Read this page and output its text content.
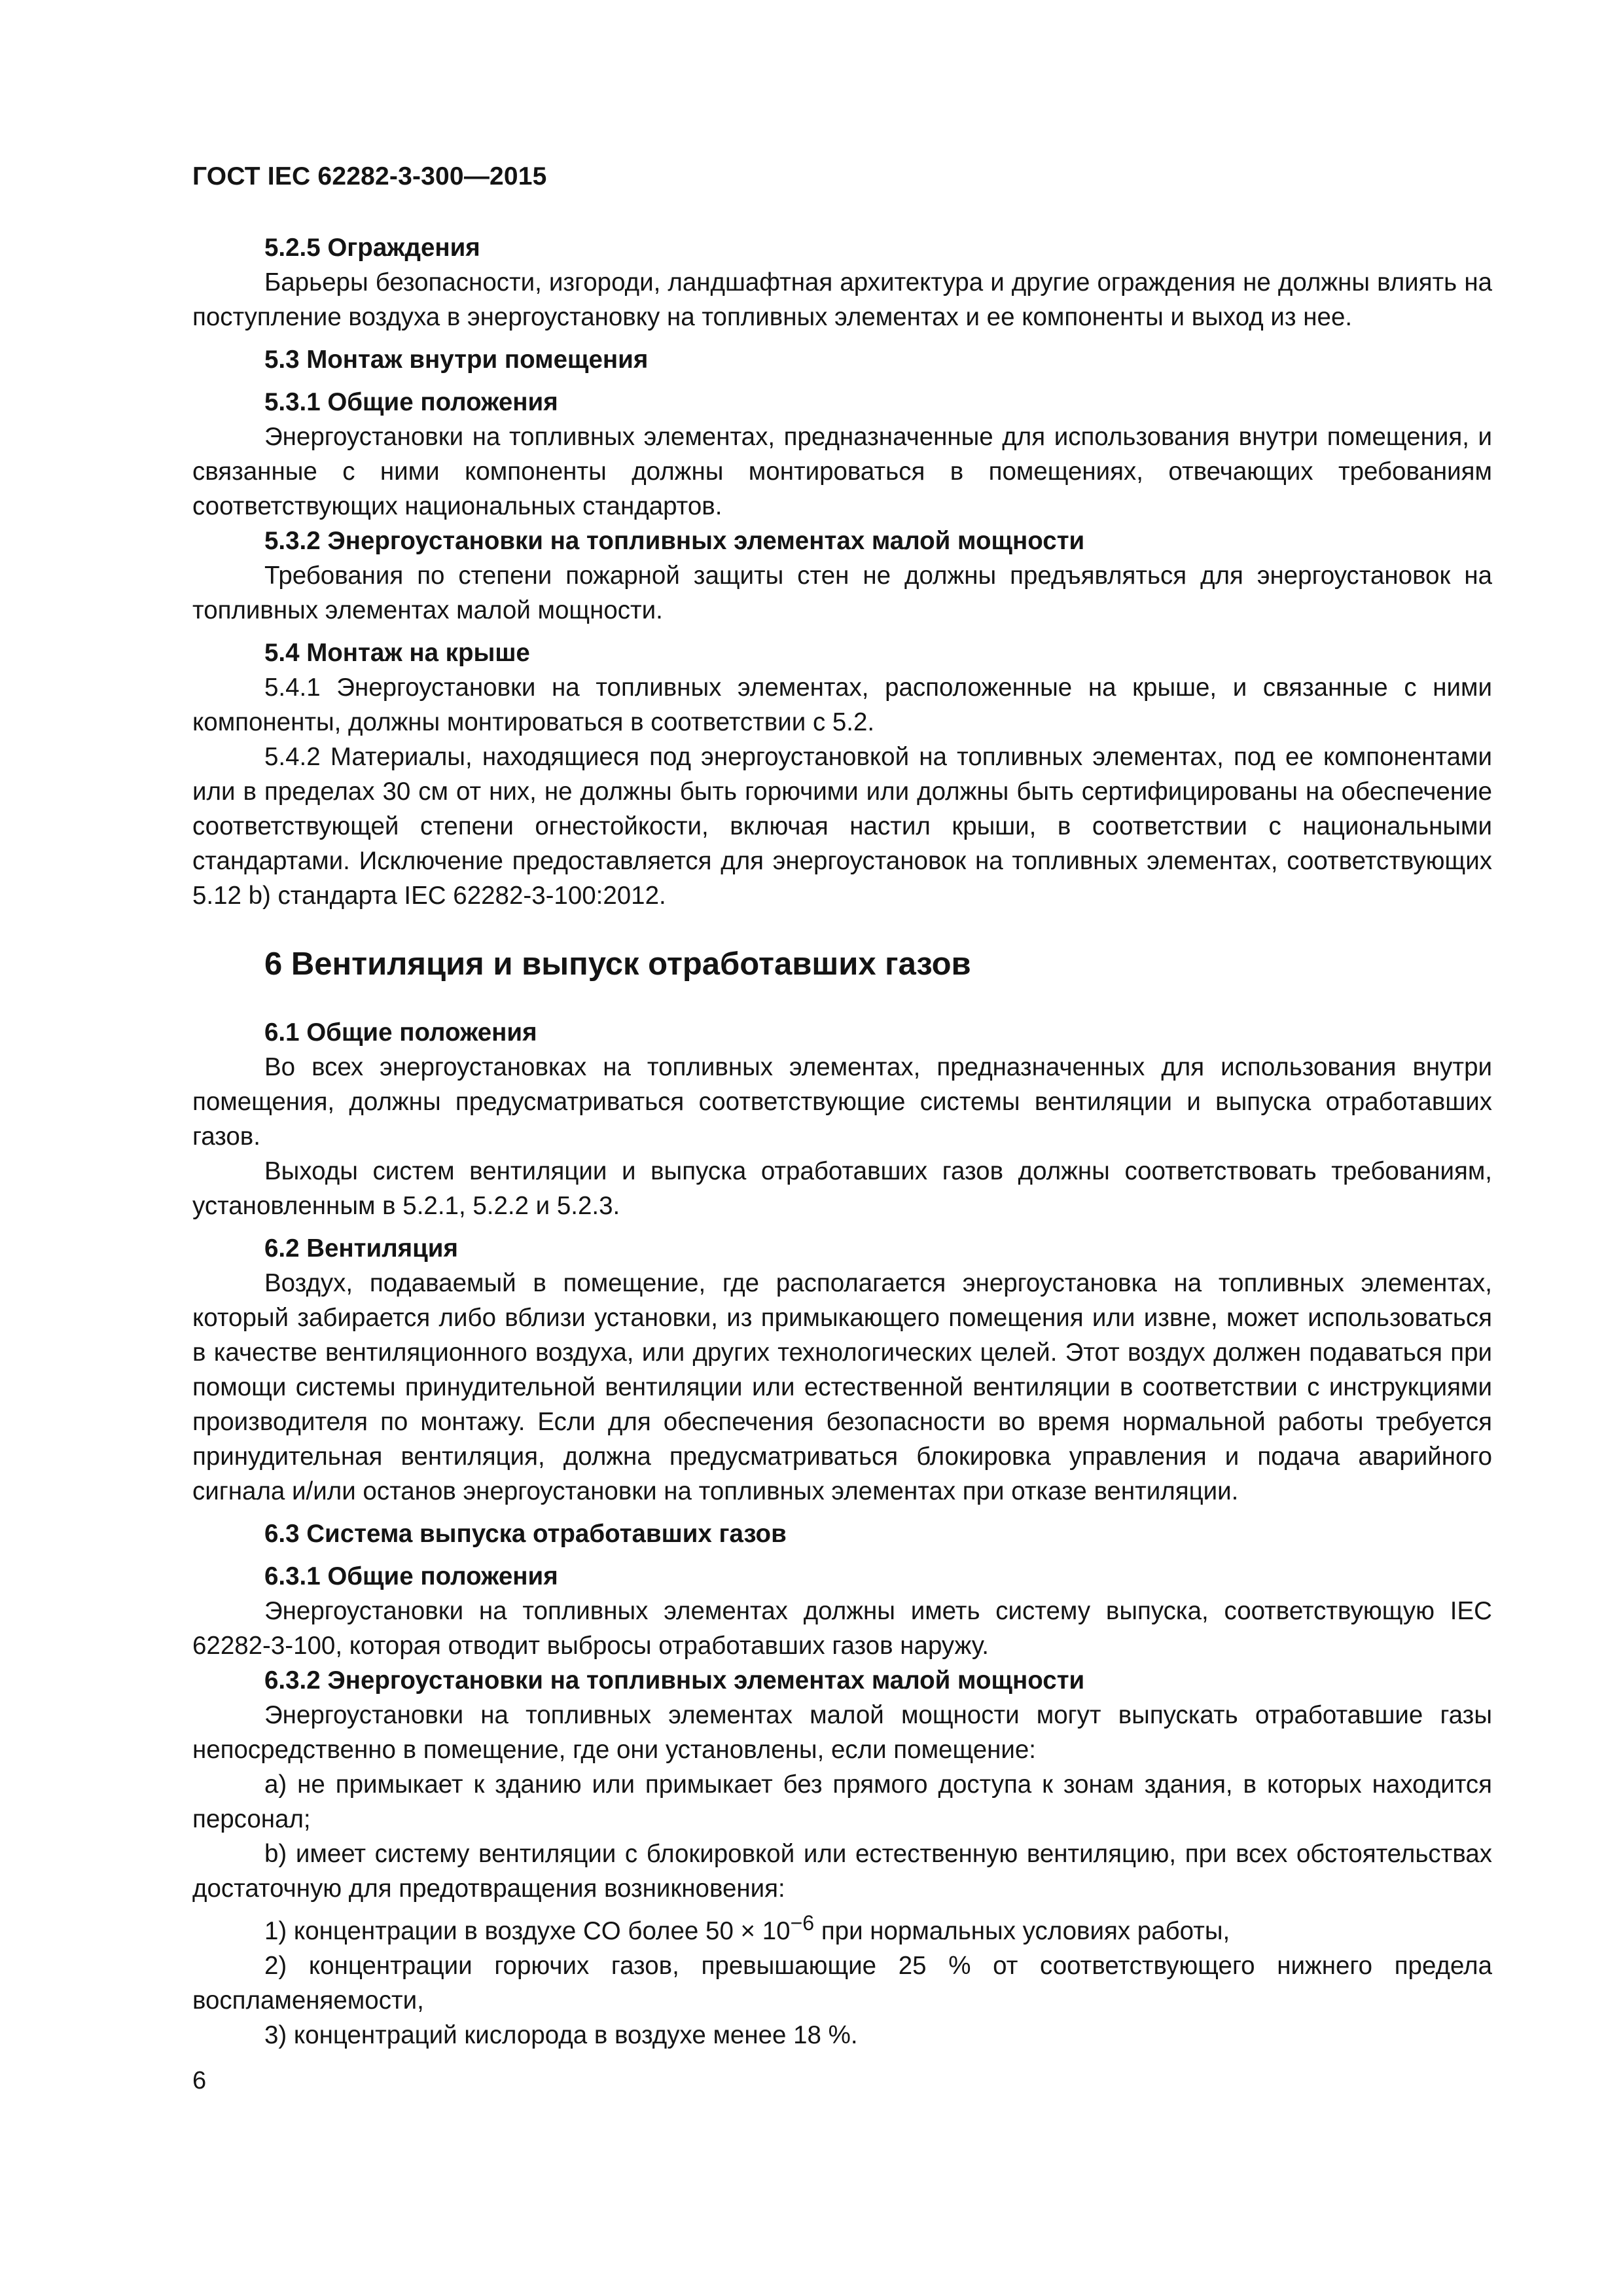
ГОСТ IEC 62282-3-300—2015
5.2.5 Ограждения

Барьеры безопасности, изгороди, ландшафтная архитектура и другие ограждения не должны влиять на поступление воздуха в энергоустановку на топливных элементах и ее компоненты и выход из нее.

5.3 Монтаж внутри помещения
5.3.1 Общие положения

Энергоустановки на топливных элементах, предназначенные для использования внутри помещения, и связанные с ними компоненты должны монтироваться в помещениях, отвечающих требованиям соответствующих национальных стандартов.

5.3.2 Энергоустановки на топливных элементах малой мощности

Требования по степени пожарной защиты стен не должны предъявляться для энергоустановок на топливных элементах малой мощности.

5.4 Монтаж на крыше

5.4.1 Энергоустановки на топливных элементах, расположенные на крыше, и связанные с ними компоненты, должны монтироваться в соответствии с 5.2.

5.4.2 Материалы, находящиеся под энергоустановкой на топливных элементах, под ее компонентами или в пределах 30 см от них, не должны быть горючими или должны быть сертифицированы на обеспечение соответствующей степени огнестойкости, включая настил крыши, в соответствии с национальными стандартами. Исключение предоставляется для энергоустановок на топливных элементах, соответствующих 5.12 b) стандарта IEC 62282-3-100:2012.

6 Вентиляция и выпуск отработавших газов
6.1 Общие положения

Во всех энергоустановках на топливных элементах, предназначенных для использования внутри помещения, должны предусматриваться соответствующие системы вентиляции и выпуска отработавших газов.

Выходы систем вентиляции и выпуска отработавших газов должны соответствовать требованиям, установленным в 5.2.1, 5.2.2 и 5.2.3.

6.2 Вентиляция

Воздух, подаваемый в помещение, где располагается энергоустановка на топливных элементах, который забирается либо вблизи установки, из примыкающего помещения или извне, может использоваться в качестве вентиляционного воздуха, или других технологических целей. Этот воздух должен подаваться при помощи системы принудительной вентиляции или естественной вентиляции в соответствии с инструкциями производителя по монтажу. Если для обеспечения безопасности во время нормальной работы требуется принудительная вентиляция, должна предусматриваться блокировка управления и подача аварийного сигнала и/или останов энергоустановки на топливных элементах при отказе вентиляции.

6.3 Система выпуска отработавших газов
6.3.1 Общие положения

Энергоустановки на топливных элементах должны иметь систему выпуска, соответствующую IEC 62282-3-100, которая отводит выбросы отработавших газов наружу.

6.3.2 Энергоустановки на топливных элементах малой мощности

Энергоустановки на топливных элементах малой мощности могут выпускать отработавшие газы непосредственно в помещение, где они установлены, если помещение:

a) не примыкает к зданию или примыкает без прямого доступа к зонам здания, в которых находится персонал;

b) имеет систему вентиляции с блокировкой или естественную вентиляцию, при всех обстоятельствах достаточную для предотвращения возникновения:

1) концентрации в воздухе CO более $50 \times 10^{-6}$ при нормальных условиях работы,

2) концентрации горючих газов, превышающие 25 % от соответствующего нижнего предела воспламеняемости,

3) концентраций кислорода в воздухе менее 18 %.

6
